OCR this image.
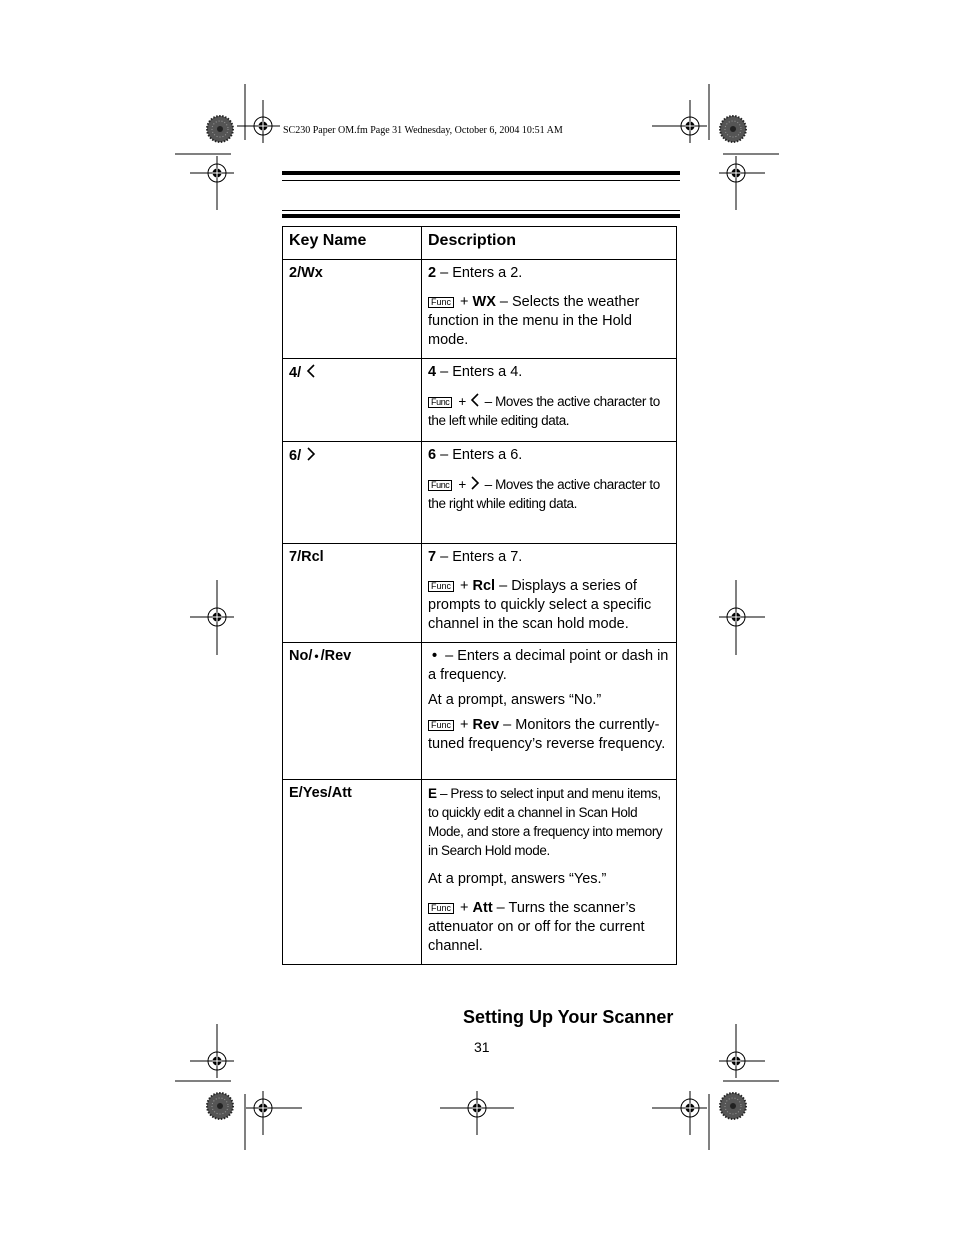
SC230 Paper OM.fm Page 31 Wednesday, October 6, 2004 10:51 AM
Key Name	Description
2/Wx	2 – Enters a 2.

Func + WX – Selects the weather function in the menu in the Hold mode.

4/	4 – Enters a 4.

Func +  – Moves the active character to the left while editing data.

6/	6 – Enters a 6.

Func +  – Moves the active character to the right while editing data.

7/Rcl	7 – Enters a 7.

Func + Rcl – Displays a series of prompts to quickly select a specific channel in the scan hold mode.

No/ • /Rev	• – Enters a decimal point or dash in a frequency.

At a prompt, answers “No.”

Func + Rev – Monitors the currently-tuned frequency’s reverse frequency.

E/Yes/Att	E – Press to select input and menu items, to quickly edit a channel in Scan Hold Mode, and store a frequency into memory in Search Hold mode.

At a prompt, answers “Yes.”

Func + Att – Turns the scanner’s attenuator on or off for the current channel.

Setting Up Your Scanner
31
